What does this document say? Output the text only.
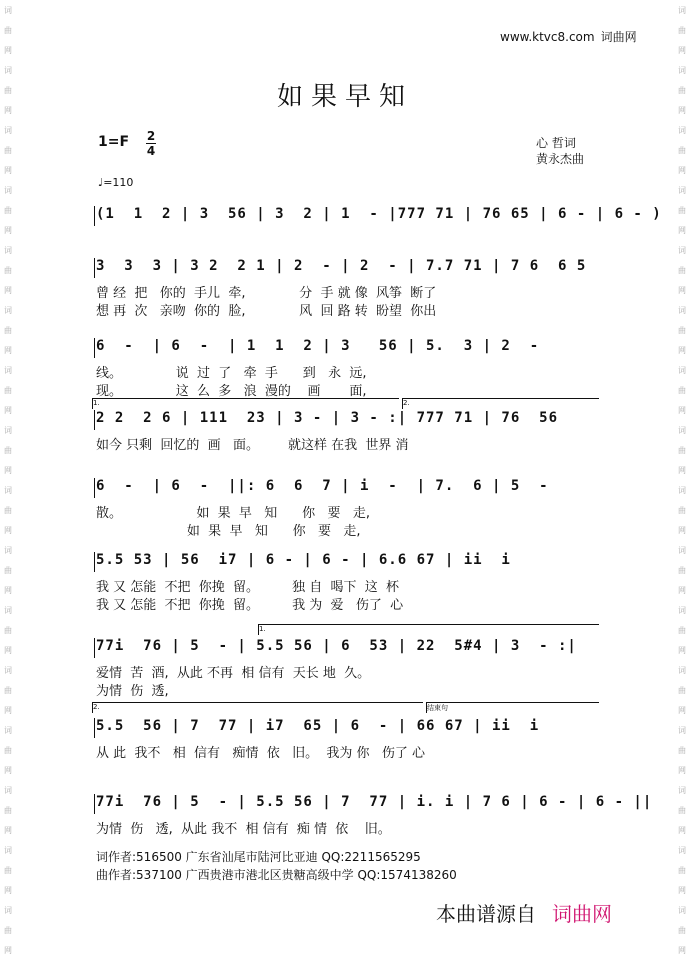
词
曲
网
词
曲
网
词
曲
网
词
曲
网
词
曲
网
词
曲
网
词
曲
网
词
曲
网
词
曲
网
词
曲
网
词
曲
网
词
曲
网
词
曲
网
词
曲
网
词
曲
网
词
曲
网
词
曲
网
词
曲
网
词
曲
网
词
曲
网
词
曲
网
词
曲
网
词
曲
网
词
曲
网
词
曲
网
词
曲
网
词
曲
网
词
曲
网
词
曲
网
词
曲
网
词
曲
网
词
曲
网
www.ktvc8.com 词曲网
如果早知
1=F 2
4
心 哲词
黄永杰曲
♩=110
(1  1  2 | 3  56 | 3  2 | 1  - |777 71 | 76 65 | 6 - | 6 - )
3  3  3 | 3 2  2 1 | 2  - | 2  - | 7.7 71 | 7 6  6 5
曾 经  把   你的  手儿  牵,             分  手 就 像  风筝  断了
想 再  次   亲吻  你的  脸,             风  回 路 转  盼望  你出
6  -  | 6  -  | 1  1  2 | 3   56 | 5.  3 | 2  -
线。             说  过  了   牵  手      到   永  远,
现。             这  么  多   浪  漫的    画       面,
2 2  2 6 | 111  23 | 3 - | 3 - :| 777 71 | 76  56
如今 只剩  回忆的  画   面。       就这样 在我  世界 消
6  -  | 6  -  ||: 6  6  7 | i  -  | 7.  6 | 5  -
散。                  如  果  早   知      你   要   走,
如  果  早   知      你   要   走,
5.5 53 | 56  i7 | 6 - | 6 - | 6.6 67 | ii  i
我 又 怎能  不把  你挽  留。        独 自  喝下  这  杯
我 又 怎能  不把  你挽  留。        我 为  爱   伤了  心
77i  76 | 5  - | 5.5 56 | 6  53 | 22  5#4 | 3  - :|
爱情  苦  酒,  从此 不再  相 信有  天长 地  久。
为情  伤  透,
5.5  56 | 7  77 | i7  65 | 6  - | 66 67 | ii  i
从 此  我不   相  信有   痴情  依   旧。  我为 你   伤了 心
77i  76 | 5  - | 5.5 56 | 7  77 | i. i | 7 6 | 6 - | 6 - ||
为情  伤   透,  从此 我不  相 信有  痴 情  依    旧。
词作者:516500 广东省汕尾市陆河比亚迪 QQ:2211565295
曲作者:537100 广西贵港市港北区贵糖高级中学 QQ:1574138260
本曲谱源自 词曲网
1.	2.
1.
2.	结束句
